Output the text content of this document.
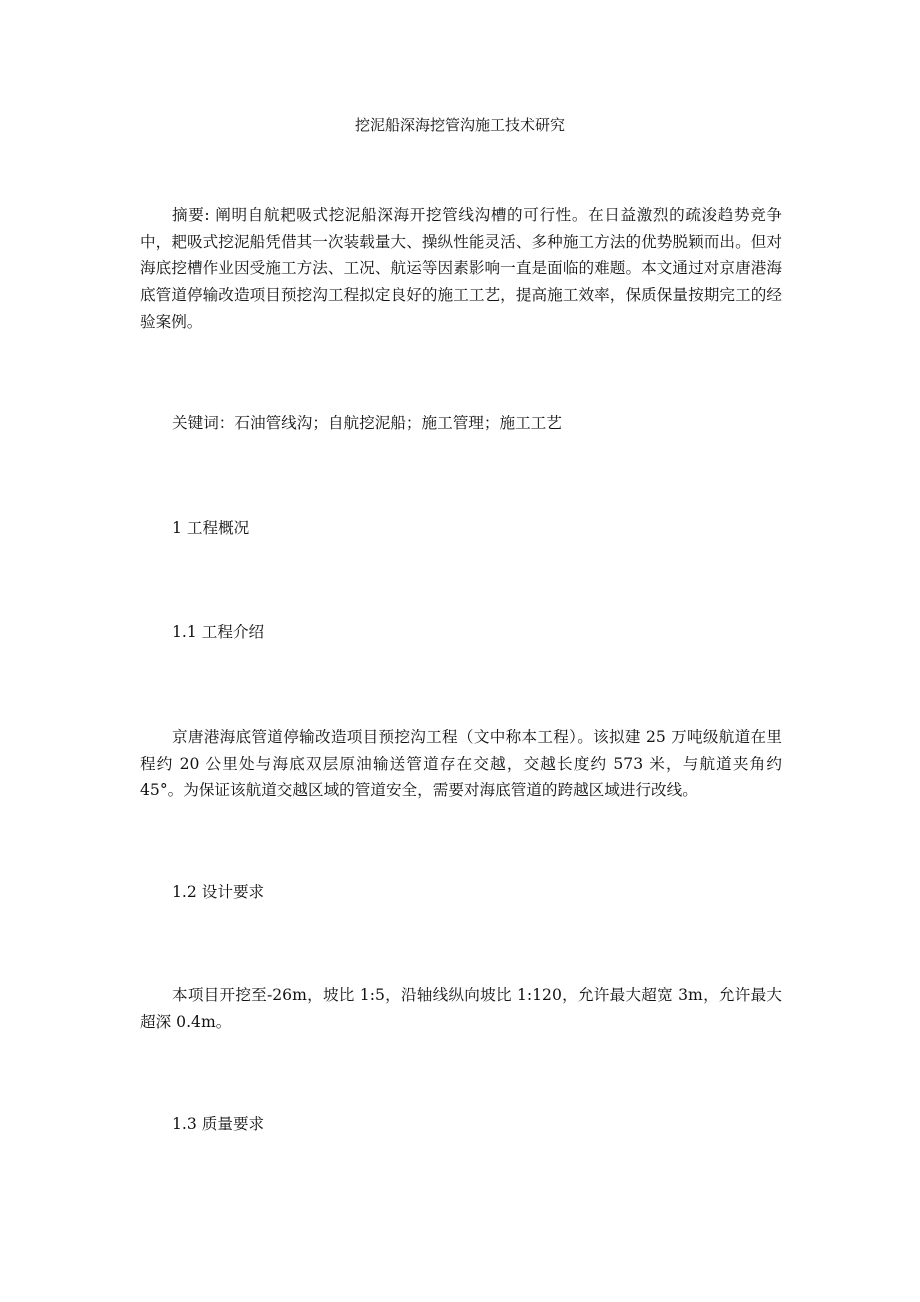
挖泥船深海挖管沟施工技术研究
摘要: 阐明自航耙吸式挖泥船深海开挖管线沟槽的可行性。在日益激烈的疏浚趋势竞争中，耙吸式挖泥船凭借其一次装载量大、操纵性能灵活、多种施工方法的优势脱颖而出。但对海底挖槽作业因受施工方法、工况、航运等因素影响一直是面临的难题。本文通过对京唐港海底管道停输改造项目预挖沟工程拟定良好的施工工艺，提高施工效率，保质保量按期完工的经验案例。
关键词：石油管线沟；自航挖泥船；施工管理；施工工艺
1 工程概况
1.1 工程介绍
京唐港海底管道停输改造项目预挖沟工程（文中称本工程）。该拟建 25 万吨级航道在里程约 20 公里处与海底双层原油输送管道存在交越，交越长度约 573 米，与航道夹角约 45°。为保证该航道交越区域的管道安全，需要对海底管道的跨越区域进行改线。
1.2 设计要求
本项目开挖至-26m，坡比 1:5，沿轴线纵向坡比 1:120，允许最大超宽 3m，允许最大超深 0.4m。
1.3 质量要求
